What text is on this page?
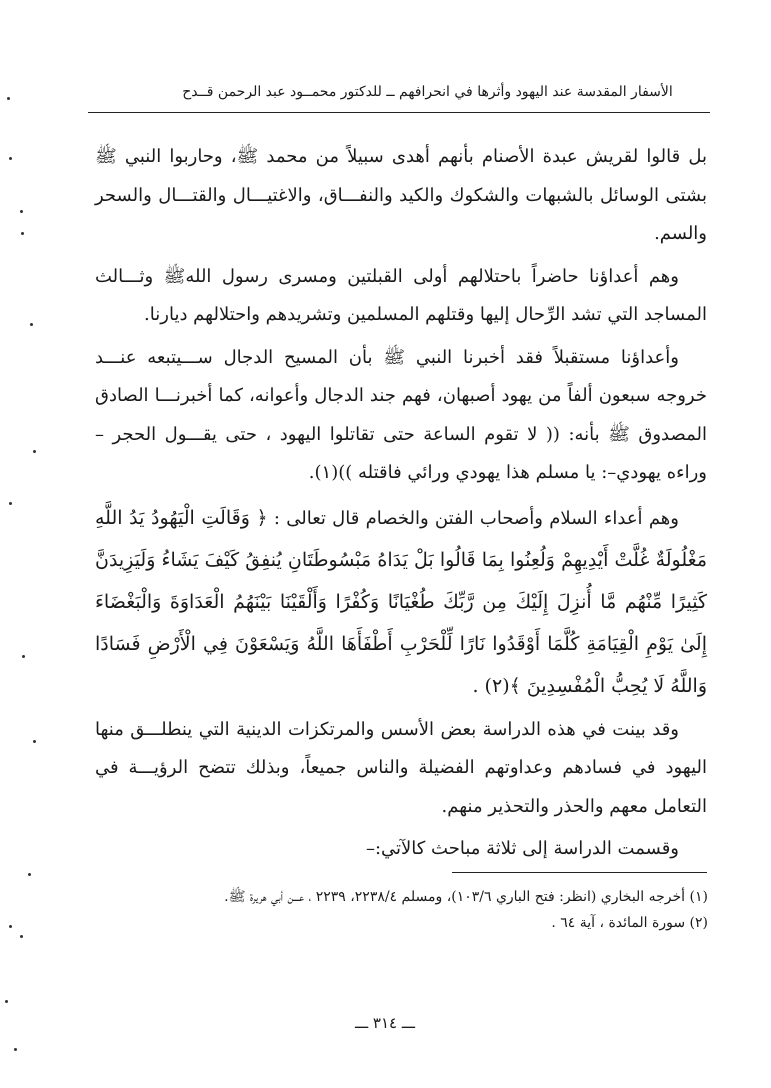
الأسفار المقدسة عند اليهود وأثرها في انحرافهم ــ للدكتور محمــود عبد الرحمن قــدح

بل قالوا لقريش عبدة الأصنام بأنهم أهدى سبيلاً من محمد ﷺ، وحاربوا النبي ﷺ بشتى الوسائل بالشبهات والشكوك والكيد والنفـــاق، والاغتيـــال والقتـــال والسحر والسم.

وهم أعداؤنا حاضراً باحتلالهم أولى القبلتين ومسرى رسول اللهﷺ وثـــالث المساجد التي تشد الرِّحال إليها وقتلهم المسلمين وتشريدهم واحتلالهم ديارنا.

وأعداؤنا مستقبلاً فقد أخبرنا النبي ﷺ بأن المسيح الدجال ســـيتبعه عنـــد خروجه سبعون ألفاً من يهود أصبهان، فهم جند الدجال وأعوانه، كما أخبرنـــا الصادق المصدوق ﷺ بأنه: (( لا تقوم الساعة حتى تقاتلوا اليهود ، حتى يقـــول الحجر –وراءه يهودي–: يا مسلم هذا يهودي ورائي فاقتله ))(١).

وهم أعداء السلام وأصحاب الفتن والخصام قال تعالى : ﴿ وَقَالَتِ الْيَهُودُ يَدُ اللَّهِ مَغْلُولَةٌ غُلَّتْ أَيْدِيهِمْ وَلُعِنُوا بِمَا قَالُوا بَلْ يَدَاهُ مَبْسُوطَتَانِ يُنفِقُ كَيْفَ يَشَاءُ وَلَيَزِيدَنَّ كَثِيرًا مِّنْهُم مَّا أُنزِلَ إِلَيْكَ مِن رَّبِّكَ طُغْيَانًا وَكُفْرًا وَأَلْقَيْنَا بَيْنَهُمُ الْعَدَاوَةَ وَالْبَغْضَاءَ إِلَىٰ يَوْمِ الْقِيَامَةِ كُلَّمَا أَوْقَدُوا نَارًا لِّلْحَرْبِ أَطْفَأَهَا اللَّهُ وَيَسْعَوْنَ فِي الْأَرْضِ فَسَادًا وَاللَّهُ لَا يُحِبُّ الْمُفْسِدِينَ ﴾(٢) .

وقد بينت في هذه الدراسة بعض الأسس والمرتكزات الدينية التي ينطلـــق منها اليهود في فسادهم وعداوتهم الفضيلة والناس جميعاً، وبذلك تتضح الرؤيـــة في التعامل معهم والحذر والتحذير منهم.

وقسمت الدراسة إلى ثلاثة مباحث كالآتي:–

(١) أخرجه البخاري (انظر: فتح الباري ١٠٣/٦)، ومسلم ٢٢٣٨/٤، ٢٢٣٩ ، عـــن أبي هريرة ﷺ.

(٢) سورة المائدة ، آية ٦٤ .

ـــ ٣١٤ ـــ
